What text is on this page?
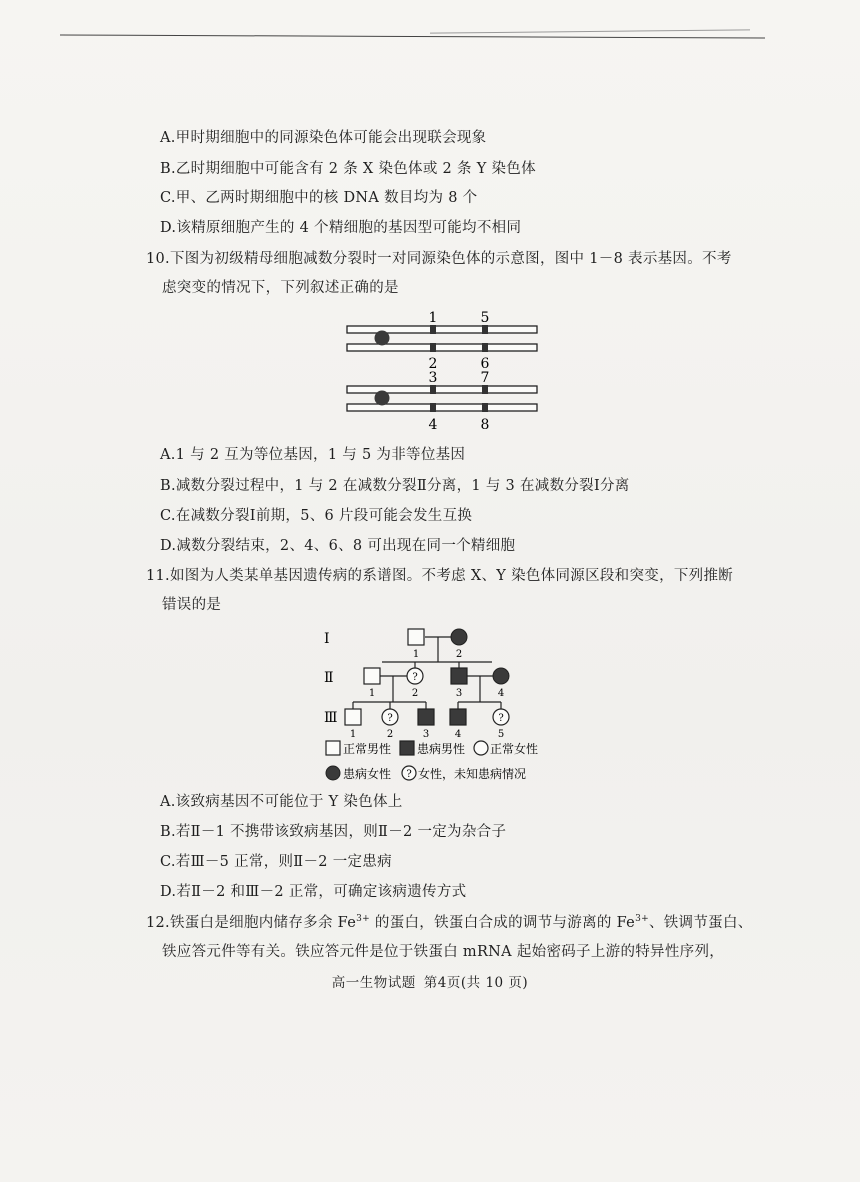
A.甲时期细胞中的同源染色体可能会出现联会现象
B.乙时期细胞中可能含有 2 条 X 染色体或 2 条 Y 染色体
C.甲、乙两时期细胞中的核 DNA 数目均为 8 个
D.该精原细胞产生的 4 个精细胞的基因型可能均不相同
10.下图为初级精母细胞减数分裂时一对同源染色体的示意图，图中 1－8 表示基因。不考
虑突变的情况下，下列叙述正确的是
1	5
2	6
3	7
4	8
A.1 与 2 互为等位基因，1 与 5 为非等位基因
B.减数分裂过程中，1 与 2 在减数分裂Ⅱ分离，1 与 3 在减数分裂Ⅰ分离
C.在减数分裂Ⅰ前期，5、6 片段可能会发生互换
D.减数分裂结束，2、4、6、8 可出现在同一个精细胞
11.如图为人类某单基因遗传病的系谱图。不考虑 X、Y 染色体同源区段和突变，下列推断
错误的是
Ⅰ
Ⅱ
Ⅲ
1	2
?
1	2	3	4
?	?
1	2	3	4	5
正常男性 患病男性 正常女性
患病女性 ? 女性，未知患病情况
A.该致病基因不可能位于 Y 染色体上
B.若Ⅱ－1 不携带该致病基因，则Ⅱ－2 一定为杂合子
C.若Ⅲ－5 正常，则Ⅱ－2 一定患病
D.若Ⅱ－2 和Ⅲ－2 正常，可确定该病遗传方式
12.铁蛋白是细胞内储存多余 $Fe^{3+}$ 的蛋白，铁蛋白合成的调节与游离的 $Fe^{3+}$、铁调节蛋白、
铁应答元件等有关。铁应答元件是位于铁蛋白 mRNA 起始密码子上游的特异性序列，
高一生物试题 第4页(共 10 页)
